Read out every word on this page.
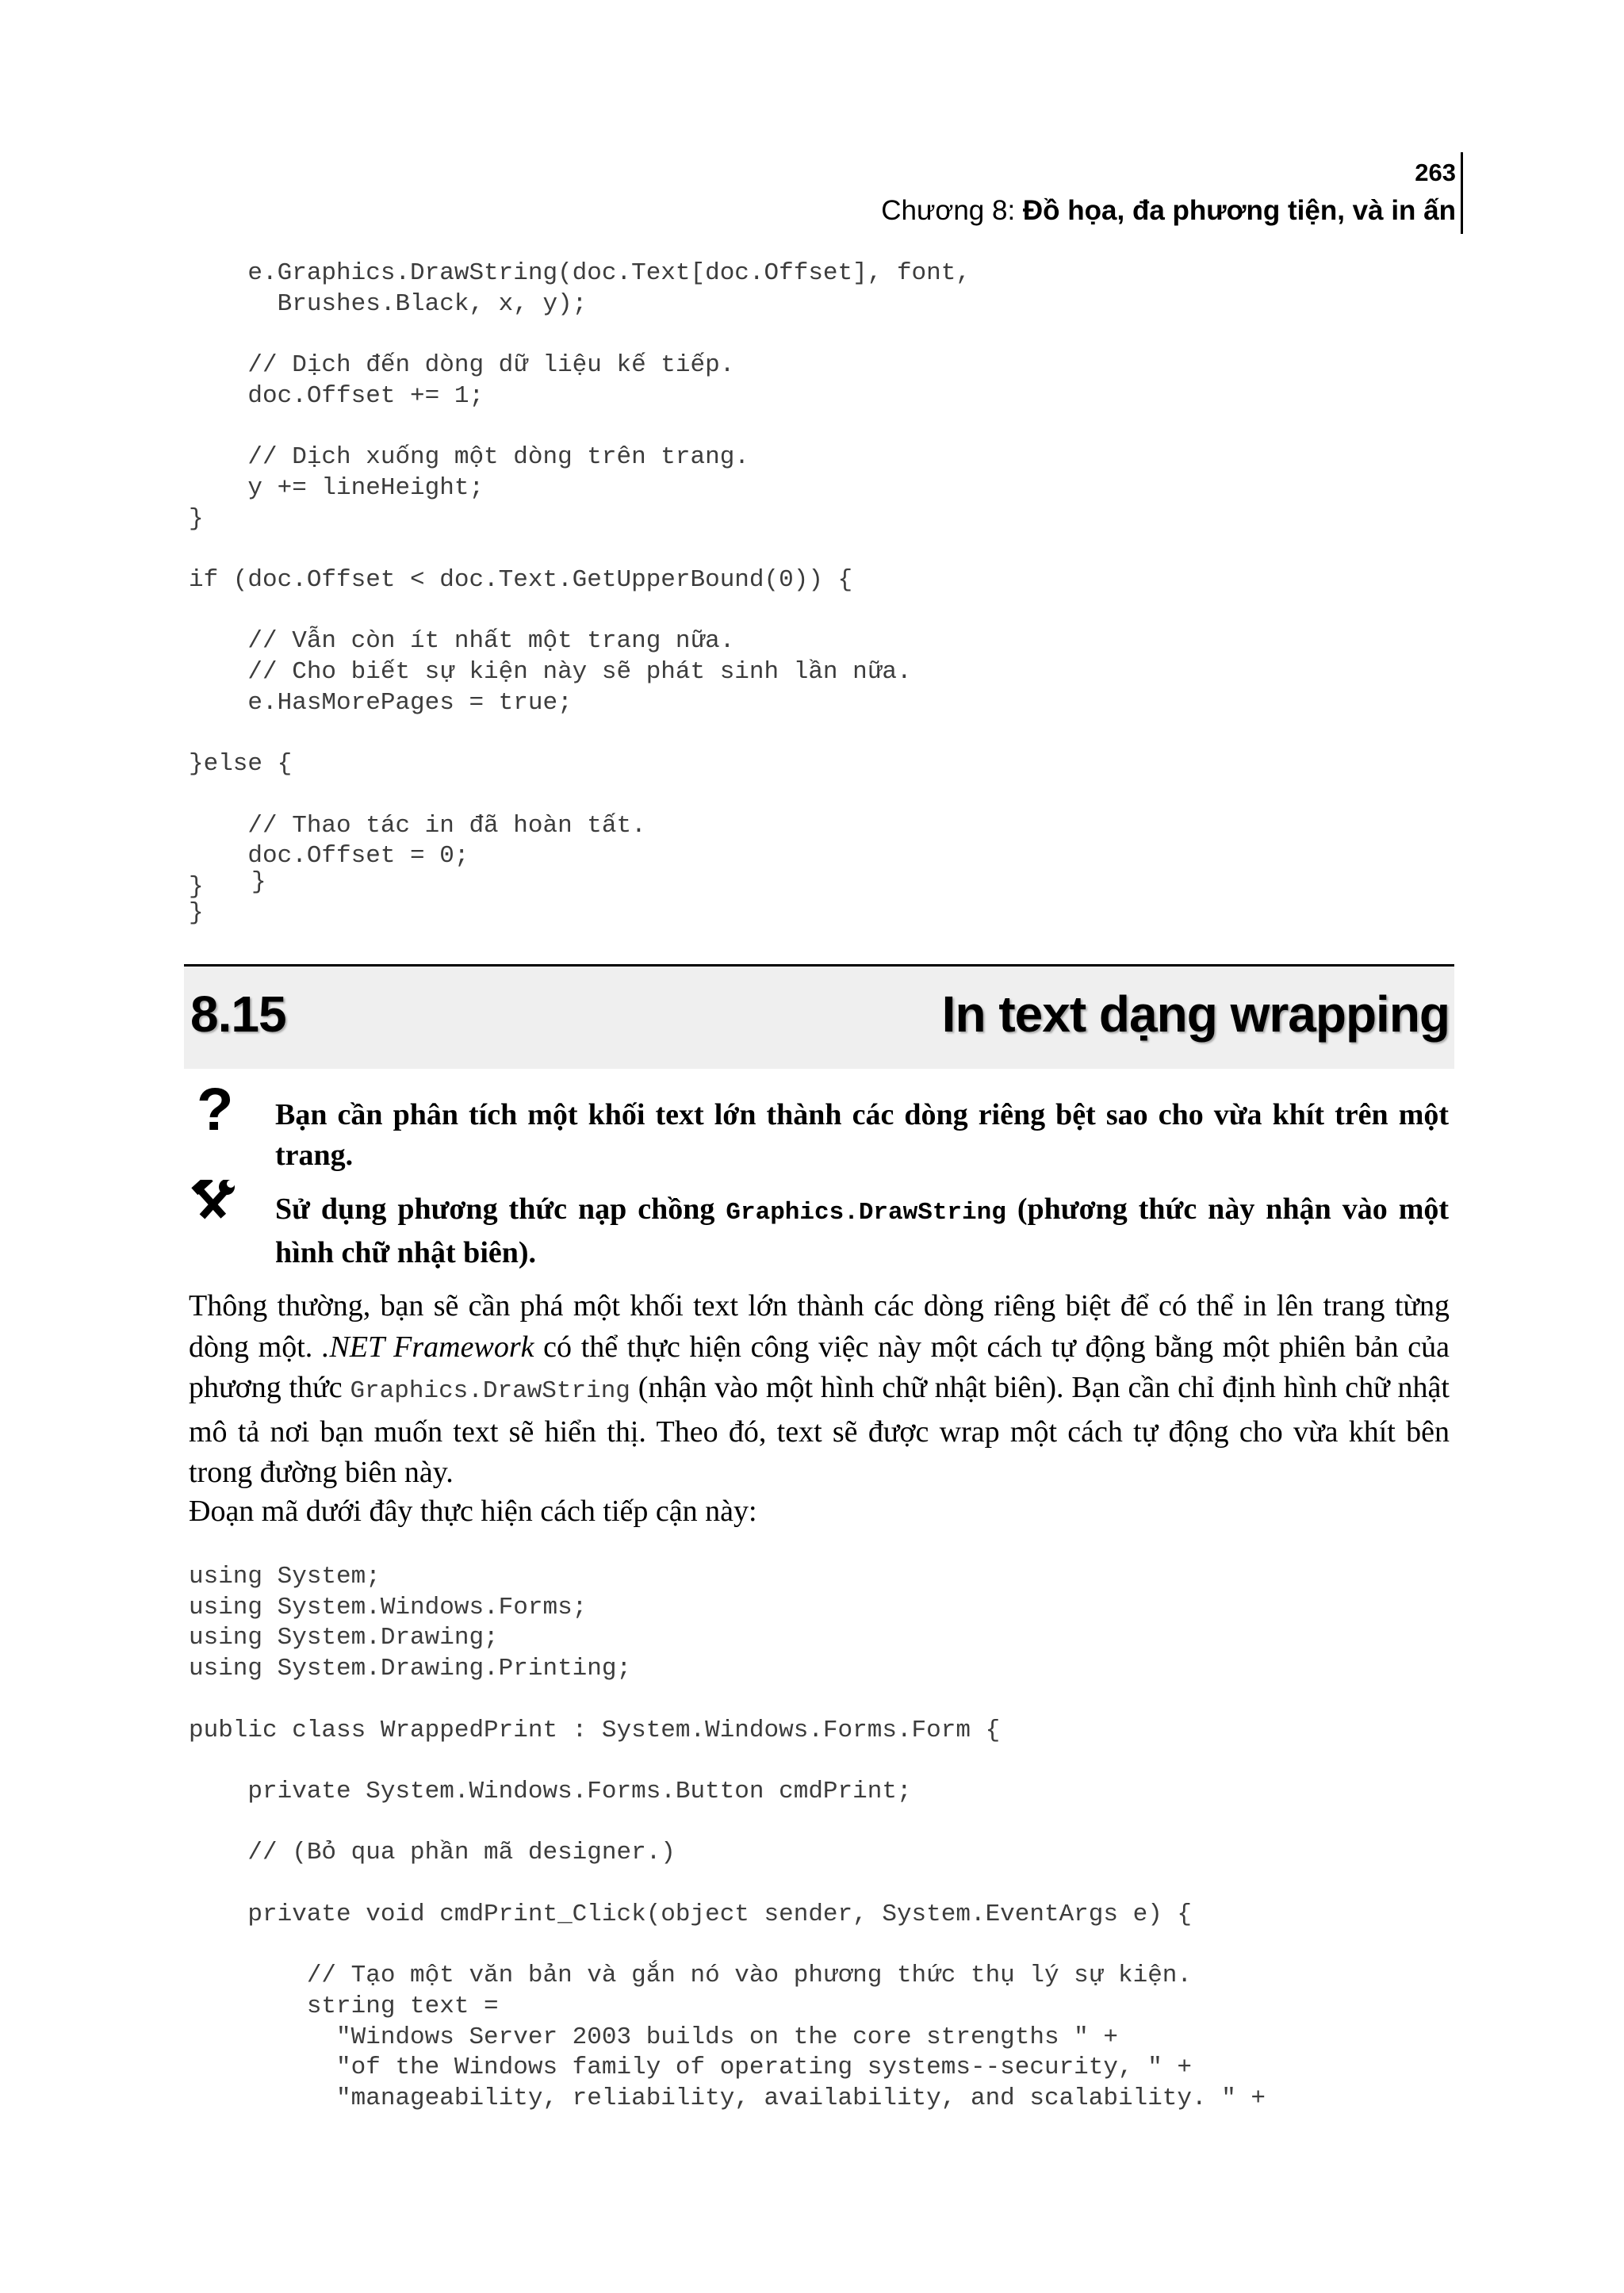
263
Chương 8: Đồ họa, đa phương tiện, và in ấn
e.Graphics.DrawString(doc.Text[doc.Offset], font,
Brushes.Black, x, y);

// Dịch đến dòng dữ liệu kế tiếp.
doc.Offset += 1;

// Dịch xuống một dòng trên trang.
y += lineHeight;
}

if (doc.Offset < doc.Text.GetUpperBound(0)) {

// Vẫn còn ít nhất một trang nữa.
// Cho biết sự kiện này sẽ phát sinh lần nữa.
e.HasMorePages = true;

}else {

// Thao tác in đã hoàn tất.
doc.Offset = 0;
}	}
}
8.15	In text dạng wrapping
? Bạn cần phân tích một khối text lớn thành các dòng riêng bệt sao cho vừa khít trên một trang.
Sử dụng phương thức nạp chồng Graphics.DrawString (phương thức này nhận vào một hình chữ nhật biên).
Thông thường, bạn sẽ cần phá một khối text lớn thành các dòng riêng biệt để có thể in lên trang từng dòng một. .NET Framework có thể thực hiện công việc này một cách tự động bằng một phiên bản của phương thức Graphics.DrawString (nhận vào một hình chữ nhật biên). Bạn cần chỉ định hình chữ nhật mô tả nơi bạn muốn text sẽ hiển thị. Theo đó, text sẽ được wrap một cách tự động cho vừa khít bên trong đường biên này.
Đoạn mã dưới đây thực hiện cách tiếp cận này:
using System;
using System.Windows.Forms;
using System.Drawing;
using System.Drawing.Printing;

public class WrappedPrint : System.Windows.Forms.Form {

private System.Windows.Forms.Button cmdPrint;

// (Bỏ qua phần mã designer.)

private void cmdPrint_Click(object sender, System.EventArgs e) {

// Tạo một văn bản và gắn nó vào phương thức thụ lý sự kiện.
string text =
"Windows Server 2003 builds on the core strengths " +
"of the Windows family of operating systems--security, " +
"manageability, reliability, availability, and scalability. " +
